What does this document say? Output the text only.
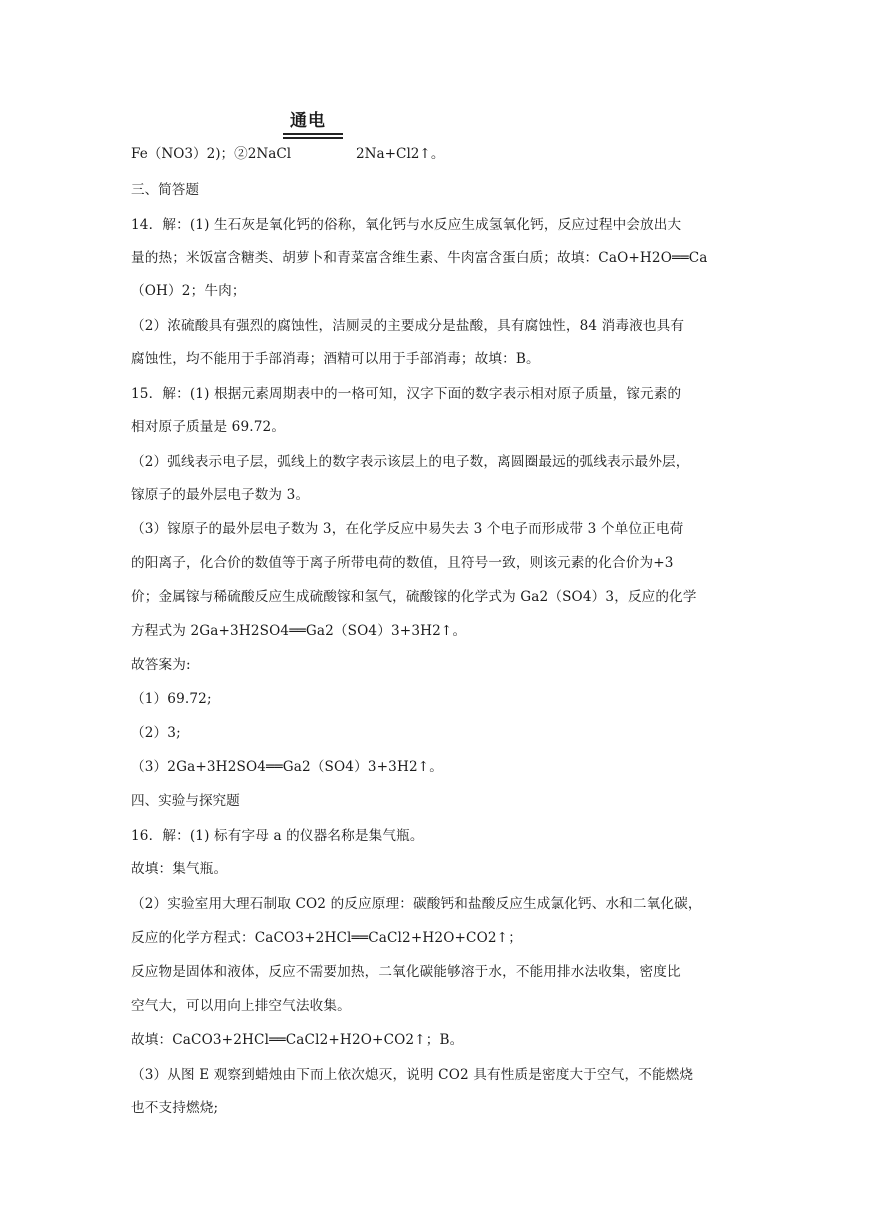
通电
Fe（NO3）2)；②2NaCl	2Na+Cl2↑。
三、简答题
14．解：(1) 生石灰是氧化钙的俗称，氧化钙与水反应生成氢氧化钙，反应过程中会放出大
量的热；米饭富含糖类、胡萝卜和青菜富含维生素、牛肉富含蛋白质；故填：CaO+H2O══Ca
（OH）2；牛肉；
（2）浓硫酸具有强烈的腐蚀性，洁厕灵的主要成分是盐酸，具有腐蚀性，84 消毒液也具有
腐蚀性，均不能用于手部消毒；酒精可以用于手部消毒；故填：B。
15．解：(1) 根据元素周期表中的一格可知，汉字下面的数字表示相对原子质量，镓元素的
相对原子质量是 69.72。
（2）弧线表示电子层，弧线上的数字表示该层上的电子数，离圆圈最远的弧线表示最外层，
镓原子的最外层电子数为 3。
（3）镓原子的最外层电子数为 3，在化学反应中易失去 3 个电子而形成带 3 个单位正电荷
的阳离子，化合价的数值等于离子所带电荷的数值，且符号一致，则该元素的化合价为+3
价；金属镓与稀硫酸反应生成硫酸镓和氢气，硫酸镓的化学式为 Ga2（SO4）3，反应的化学
方程式为 2Ga+3H2SO4══Ga2（SO4）3+3H2↑。
故答案为:
（1）69.72;
（2）3;
（3）2Ga+3H2SO4══Ga2（SO4）3+3H2↑。
四、实验与探究题
16．解：(1) 标有字母 a 的仪器名称是集气瓶。
故填：集气瓶。
（2）实验室用大理石制取 CO2 的反应原理：碳酸钙和盐酸反应生成氯化钙、水和二氧化碳，
反应的化学方程式：CaCO3+2HCl══CaCl2+H2O+CO2↑；
反应物是固体和液体，反应不需要加热，二氧化碳能够溶于水，不能用排水法收集，密度比
空气大，可以用向上排空气法收集。
故填：CaCO3+2HCl══CaCl2+H2O+CO2↑；B。
（3）从图 E 观察到蜡烛由下而上依次熄灭，说明 CO2 具有性质是密度大于空气，不能燃烧
也不支持燃烧;
